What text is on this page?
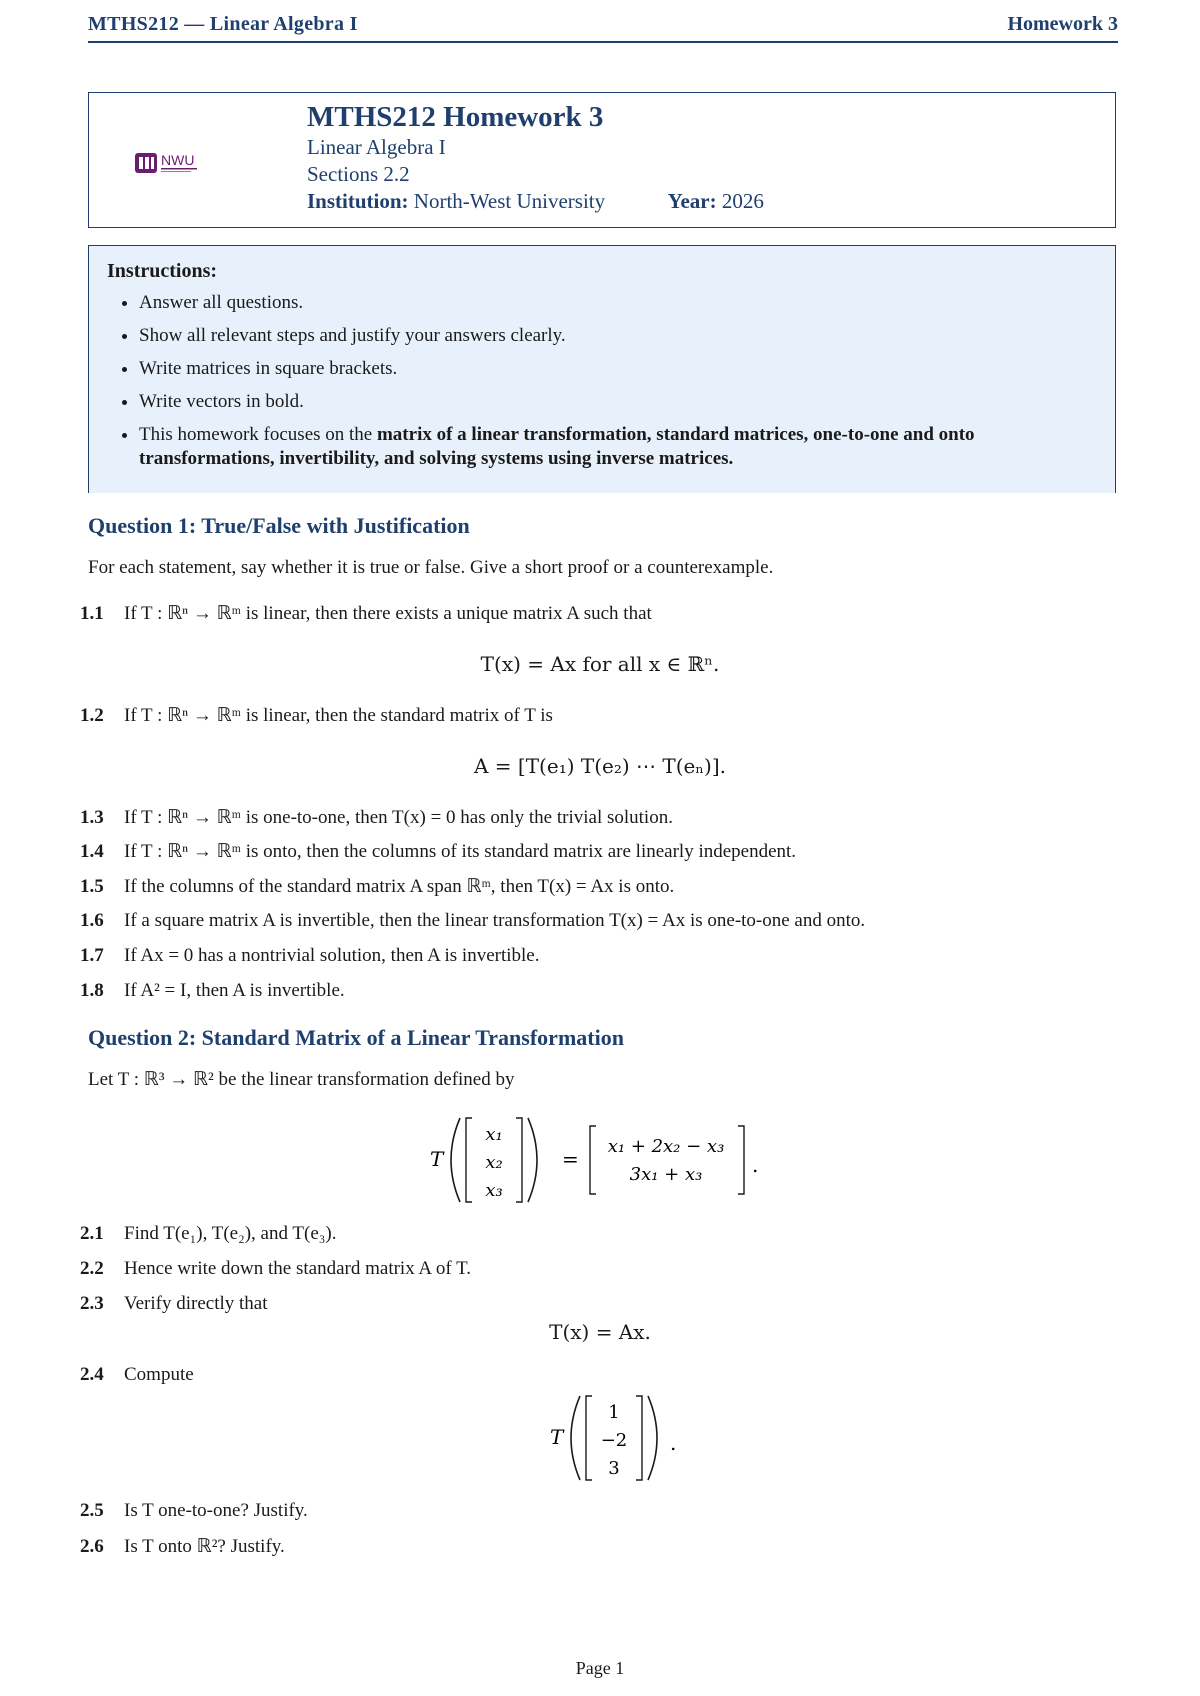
MTHS212 — Linear Algebra I	Homework 3
NWU
MTHS212 Homework 3
Linear Algebra I
Sections 2.2
Institution: North-West University	Year: 2026
Instructions:
• Answer all questions.
• Show all relevant steps and justify your answers clearly.
• Write matrices in square brackets.
• Write vectors in bold.
• This homework focuses on the matrix of a linear transformation, standard matrices, one-to-one and onto transformations, invertibility, and solving systems using inverse matrices.
Question 1: True/False with Justification
For each statement, say whether it is true or false. Give a short proof or a counterexample.
1.1 If T : ℝⁿ → ℝᵐ is linear, then there exists a unique matrix A such that
T(x) = Ax for all x ∈ ℝⁿ.
1.2 If T : ℝⁿ → ℝᵐ is linear, then the standard matrix of T is
A = [T(e₁) T(e₂) ⋯ T(eₙ)].
1.3 If T : ℝⁿ → ℝᵐ is one-to-one, then T(x) = 0 has only the trivial solution.
1.4 If T : ℝⁿ → ℝᵐ is onto, then the columns of its standard matrix are linearly independent.
1.5 If the columns of the standard matrix A span ℝᵐ, then T(x) = Ax is onto.
1.6 If a square matrix A is invertible, then the linear transformation T(x) = Ax is one-to-one and onto.
1.7 If Ax = 0 has a nontrivial solution, then A is invertible.
1.8 If A² = I, then A is invertible.
Question 2: Standard Matrix of a Linear Transformation
Let T : ℝ³ → ℝ² be the linear transformation defined by
T
x₁
x₂
x₃
=
x₁ + 2x₂ − x₃
3x₁ + x₃ .
2.1 Find T(e₁), T(e₂), and T(e₃).
2.2 Hence write down the standard matrix A of T.
2.3 Verify directly that
T(x) = Ax.
2.4 Compute
T
1
−2
3
.
2.5 Is T one-to-one? Justify.
2.6 Is T onto ℝ²? Justify.
Page 1
